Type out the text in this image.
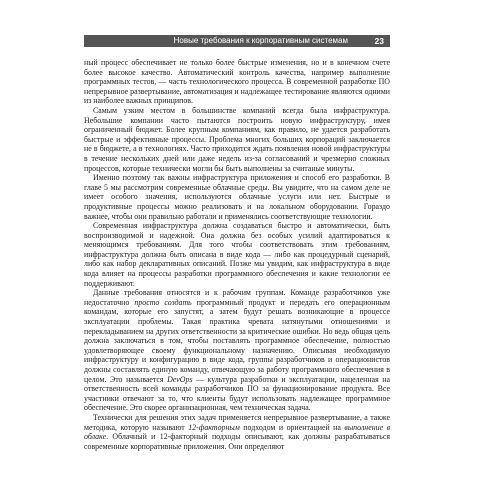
Новые требования к корпоративным системам	23

ный процесс обеспечивает не только более быстрые изменения, но и в конечном счете более высокое качество. Автоматический контроль качества, например выполнение программных тестов, — часть технологического процесса. В современной разработке ПО непрерывное развертывание, автоматизация и надлежащее тестирование являются одними из наиболее важных принципов.

Самым узким местом в большинстве компаний всегда была инфраструктура. Небольшие компании часто пытаются построить новую инфраструктуру, имея ограниченный бюджет. Более крупным компаниям, как правило, не удается разработать быстрые и эффективные процессы. Проблема многих больших корпораций заключается не в бюджете, а в технологиях. Часто приходится ждать появления новой инфраструктуры в течение нескольких дней или даже недель из-за согласований и чрезмерно сложных процессов, которые технически могли бы быть выполнены за считаные минуты.

Именно поэтому так важны инфраструктура приложения и способ его разработки. В главе 5 мы рассмотрим современные облачные среды. Вы увидите, что на самом деле не имеет особого значения, используются облачные услуги или нет. Быстрые и продуктивные процессы можно реализовать и на локальном оборудовании. Гораздо важнее, чтобы они правильно работали и применялись соответствующие технологии.

Современная инфраструктура должна создаваться быстро и автоматически, быть воспроизводимой и надежной. Она должна без особых усилий адаптироваться к меняющимся требованиям. Для того чтобы соответствовать этим требованиям, инфраструктура должна быть описана в виде кода — либо как процедурный сценарий, либо как набор декларативных описаний. Позже мы увидим, как инфраструктура в виде кода влияет на процессы разработки программного обеспечения и какие технологии ее поддерживают.

Данные требования относятся и к рабочим группам. Команде разработчиков уже недостаточно просто создать программный продукт и передать его операционным командам, которые его запустят, а затем будут решать возникающие в процессе эксплуатации проблемы. Такая практика чревата натянутыми отношениями и перекладыванием на других ответственности за критические ошибки. Но ведь общая цель должна заключаться в том, чтобы поставлять программное обеспечение, полностью удовлетворяющее своему функциональному назначению. Описывая необходимую инфраструктуру и конфигурацию в виде кода, группы разработчиков и операционистов должны составлять единую команду, отвечающую за работу программного обеспечения в целом. Это называется DevOps — культура разработки и эксплуатации, нацеленная на ответственность всей команды разработчиков ПО за функционирование продукта. Все участники отвечают за то, что клиенты будут использовать надлежащее программное обеспечение. Это скорее организационная, чем техническая задача.

Технически для решения этих задач применяется непрерывное развертывание, а также методика, которую называют 12-факторным подходом и ориентацией на выполнение в облаке. Облачный и 12-факторный подходы описывают, как должны разрабатываться современные корпоративные приложения. Они определяют
